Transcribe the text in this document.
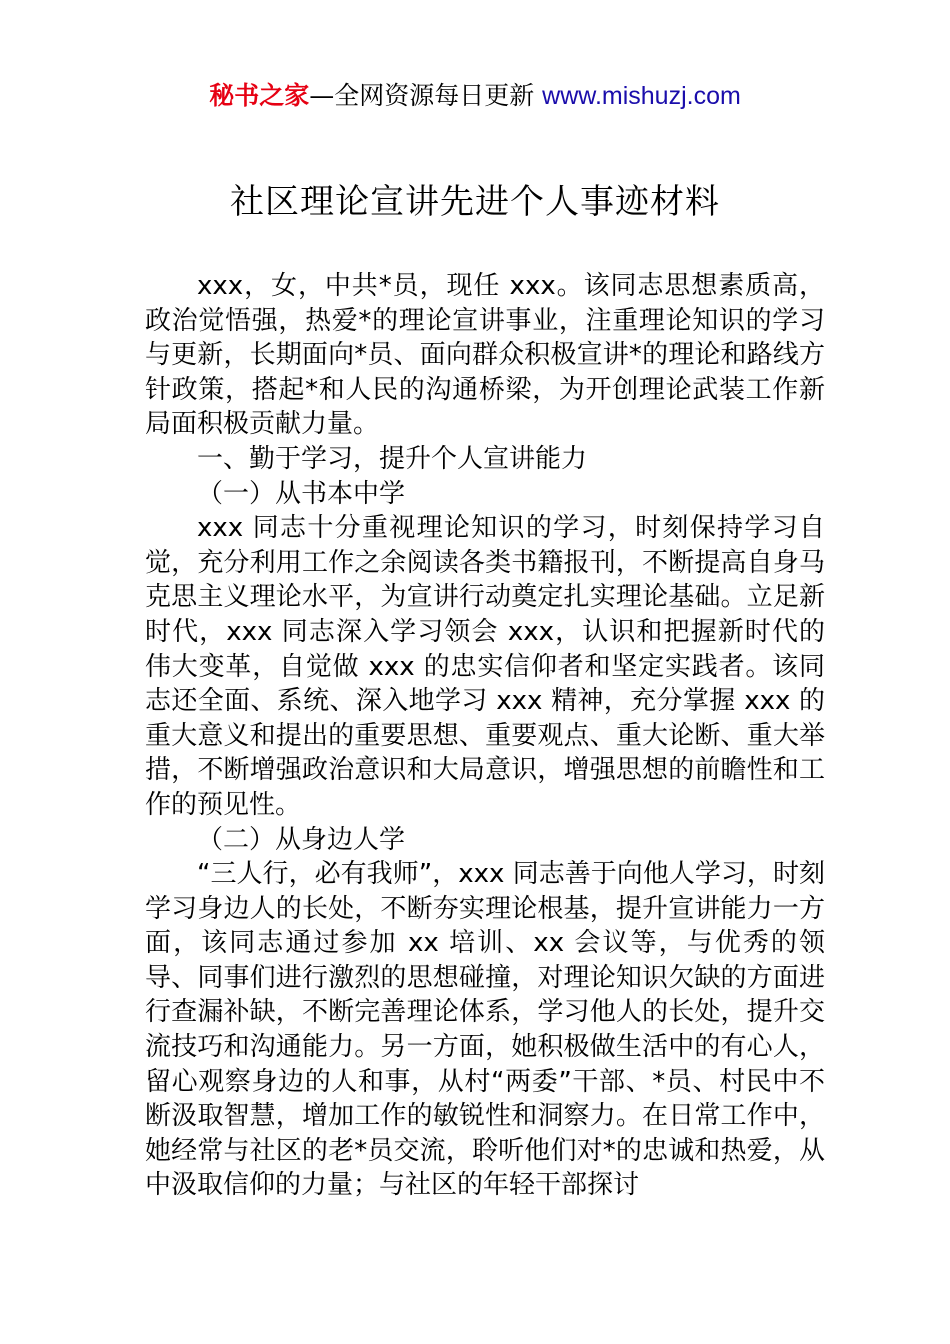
秘书之家—全网资源每日更新 www.mishuzj.com
社区理论宣讲先进个人事迹材料

xxx，女，中共*员，现任 xxx。该同志思想素质高，政治觉悟强，热爱*的理论宣讲事业，注重理论知识的学习与更新，长期面向*员、面向群众积极宣讲*的理论和路线方针政策，搭起*和人民的沟通桥梁，为开创理论武装工作新局面积极贡献力量。

一、勤于学习，提升个人宣讲能力

（一）从书本中学

xxx 同志十分重视理论知识的学习，时刻保持学习自觉，充分利用工作之余阅读各类书籍报刊，不断提高自身马克思主义理论水平，为宣讲行动奠定扎实理论基础。立足新时代，xxx 同志深入学习领会 xxx，认识和把握新时代的伟大变革，自觉做 xxx 的忠实信仰者和坚定实践者。该同志还全面、系统、深入地学习 xxx 精神，充分掌握 xxx 的重大意义和提出的重要思想、重要观点、重大论断、重大举措，不断增强政治意识和大局意识，增强思想的前瞻性和工作的预见性。

（二）从身边人学

“三人行，必有我师”，xxx 同志善于向他人学习，时刻学习身边人的长处，不断夯实理论根基，提升宣讲能力一方面，该同志通过参加 xx 培训、xx 会议等，与优秀的领导、同事们进行激烈的思想碰撞，对理论知识欠缺的方面进行查漏补缺，不断完善理论体系，学习他人的长处，提升交流技巧和沟通能力。另一方面，她积极做生活中的有心人，留心观察身边的人和事，从村“两委”干部、*员、村民中不断汲取智慧，增加工作的敏锐性和洞察力。在日常工作中，她经常与社区的老*员交流，聆听他们对*的忠诚和热爱，从中汲取信仰的力量；与社区的年轻干部探讨
